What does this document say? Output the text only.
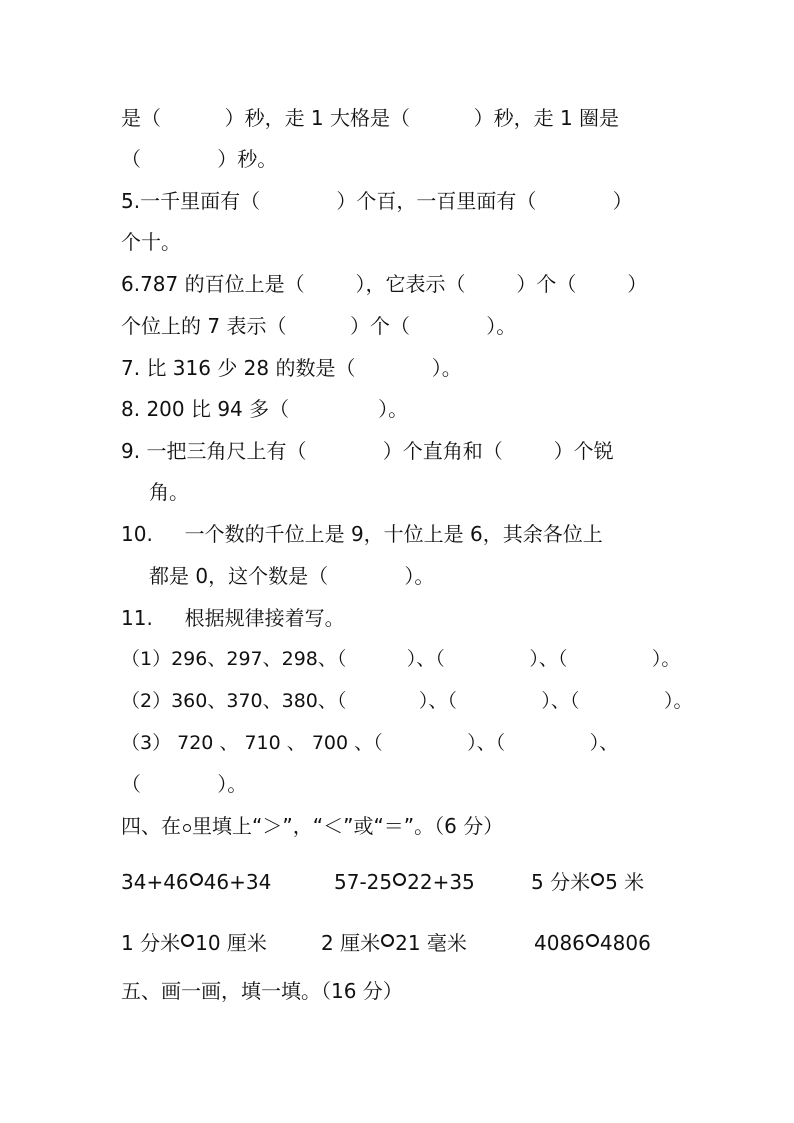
是（          ）秒，走 1 大格是（          ）秒，走 1 圈是
（            ）秒。
5.一千里面有（            ）个百，一百里面有（            ）
个十。
6.787 的百位上是（        ），它表示（        ）个（        ）
个位上的 7 表示（          ）个（            ）。
7. 比 316 少 28 的数是（            ）。
8. 200 比 94 多（              ）。
9. 一把三角尺上有（            ）个直角和（        ）个锐
角。
10.     一个数的千位上是 9，十位上是 6，其余各位上
都是 0，这个数是（            ）。
11.     根据规律接着写。
（1）296、297、298、（          ）、（              ）、（              ）。
（2）360、370、380、（            ）、（              ）、（              ）。
（3） 720 、 710 、 700 、（              ）、（              ）、
（            ）。
四、在 里填上“＞”，“＜”或“＝”。（6 分）
34+46 46+34	57-25 22+35	5 分米 5 米
1 分米 10 厘米	2 厘米 21 毫米	4086 4806
五、画一画，填一填。（16 分）
